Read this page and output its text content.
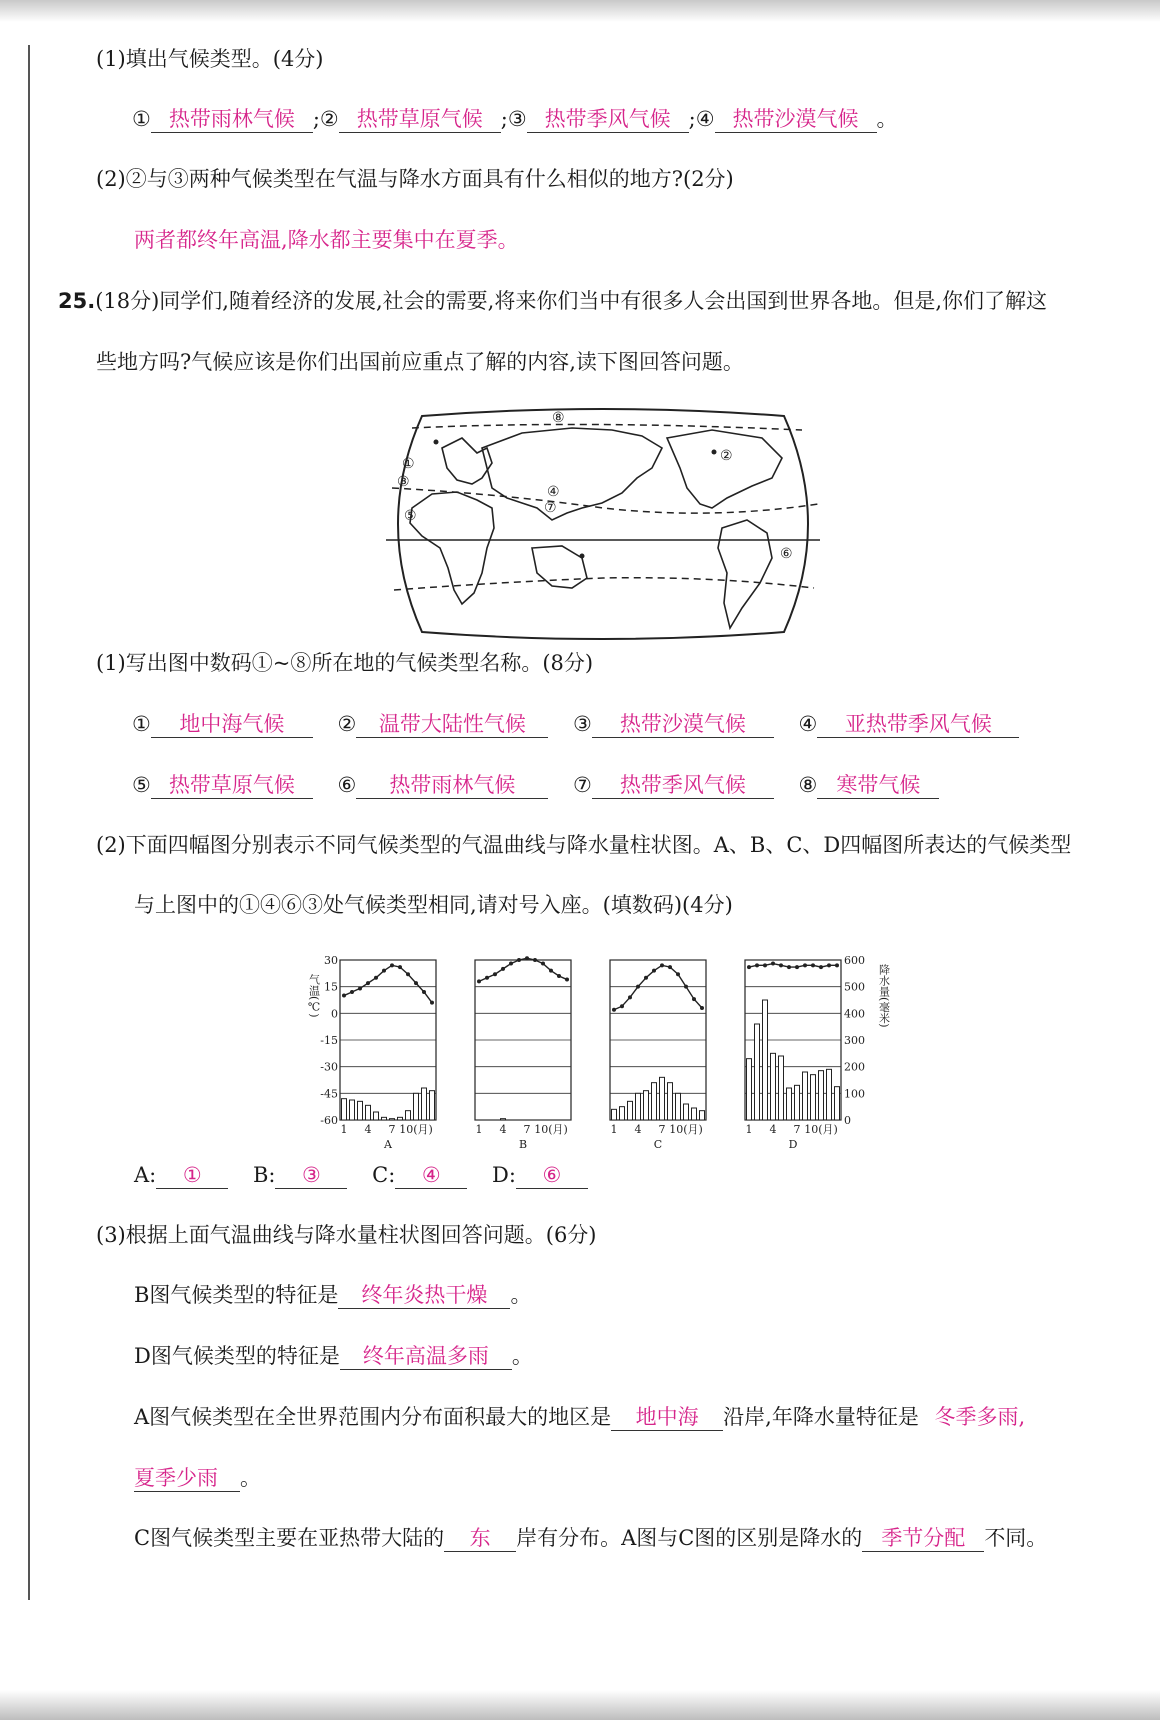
(1)填出气候类型。(4分)
① 热带雨林气候 ;② 热带草原气候 ;③ 热带季风气候 ;④ 热带沙漠气候 。
(2)②与③两种气候类型在气温与降水方面具有什么相似的地方?(2分)
两者都终年高温,降水都主要集中在夏季。
25.(18分)同学们,随着经济的发展,社会的需要,将来你们当中有很多人会出国到世界各地。但是,你们了解这
些地方吗?气候应该是你们出国前应重点了解的内容,读下图回答问题。
①	②
③
④
⑤
⑥
⑦
⑧
(1)写出图中数码①~⑧所在地的气候类型名称。(8分)
① 地中海气候	② 温带大陆性气候 ③ 热带沙漠气候	④ 亚热带季风气候
⑤ 热带草原气候 ⑥ 热带雨林气候	⑦ 热带季风气候	⑧ 寒带气候
(2)下面四幅图分别表示不同气候类型的气温曲线与降水量柱状图。A、B、C、D四幅图所表达的气候类型
与上图中的①④⑥③处气候类型相同,请对号入座。(填数码)(4分)
30
15
0
-15
-30
-45
-60
气温(℃)
600
500
400
300
200
100
0
降水量(毫米)
1 4 7 10(月)
A
1 4 7 10(月)
B
1 4 7 10(月)
C
1 4 7 10(月)
D
A: ① B: ③ C: ④ D: ⑥
(3)根据上面气温曲线与降水量柱状图回答问题。(6分)
B图气候类型的特征是 终年炎热干燥 。
D图气候类型的特征是 终年高温多雨 。
A图气候类型在全世界范围内分布面积最大的地区是 地中海 沿岸,年降水量特征是 冬季多雨,
夏季少雨 。
C图气候类型主要在亚热带大陆的 东 岸有分布。A图与C图的区别是降水的 季节分配 不同。
